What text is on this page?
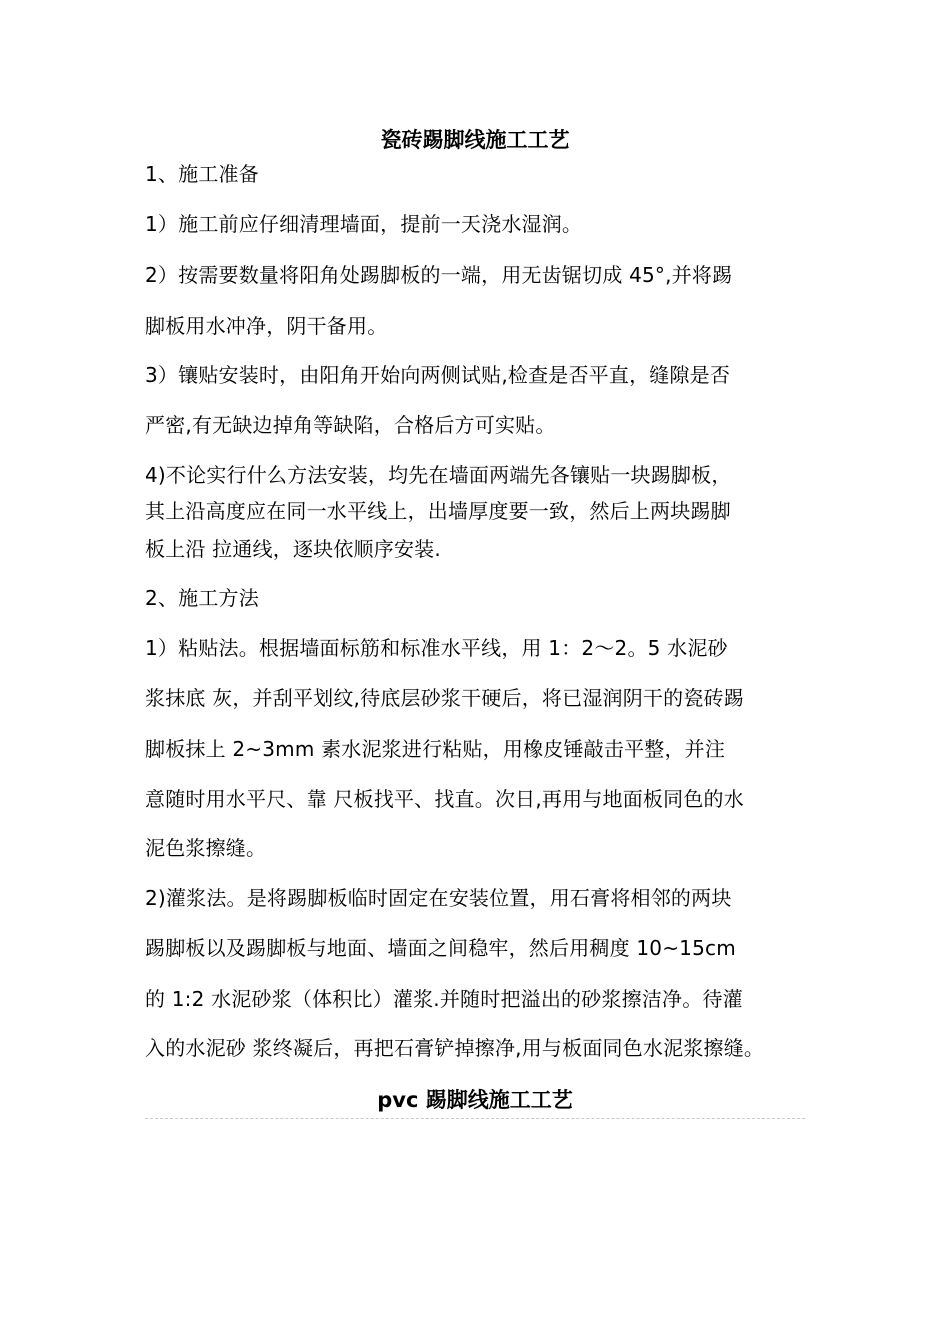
瓷砖踢脚线施工工艺
1、施工准备
1）施工前应仔细清理墙面，提前一天浇水湿润。
2）按需要数量将阳角处踢脚板的一端，用无齿锯切成 45°,并将踢
脚板用水冲净，阴干备用。
3）镶贴安装时，由阳角开始向两侧试贴,检查是否平直，缝隙是否
严密,有无缺边掉角等缺陷，合格后方可实贴。
4)不论实行什么方法安装，均先在墙面两端先各镶贴一块踢脚板，
其上沿高度应在同一水平线上，出墙厚度要一致，然后上两块踢脚
板上沿 拉通线，逐块依顺序安装.
2、施工方法
1）粘贴法。根据墙面标筋和标准水平线，用 1：2～2。5 水泥砂
浆抹底 灰，并刮平划纹,待底层砂浆干硬后，将已湿润阴干的瓷砖踢
脚板抹上 2~3mm 素水泥浆进行粘贴，用橡皮锤敲击平整，并注
意随时用水平尺、靠 尺板找平、找直。次日,再用与地面板同色的水
泥色浆擦缝。
2)灌浆法。是将踢脚板临时固定在安装位置，用石膏将相邻的两块
踢脚板以及踢脚板与地面、墙面之间稳牢，然后用稠度 10~15cm
的 1:2 水泥砂浆（体积比）灌浆.并随时把溢出的砂浆擦洁净。待灌
入的水泥砂 浆终凝后，再把石膏铲掉擦净,用与板面同色水泥浆擦缝。
pvc 踢脚线施工工艺
